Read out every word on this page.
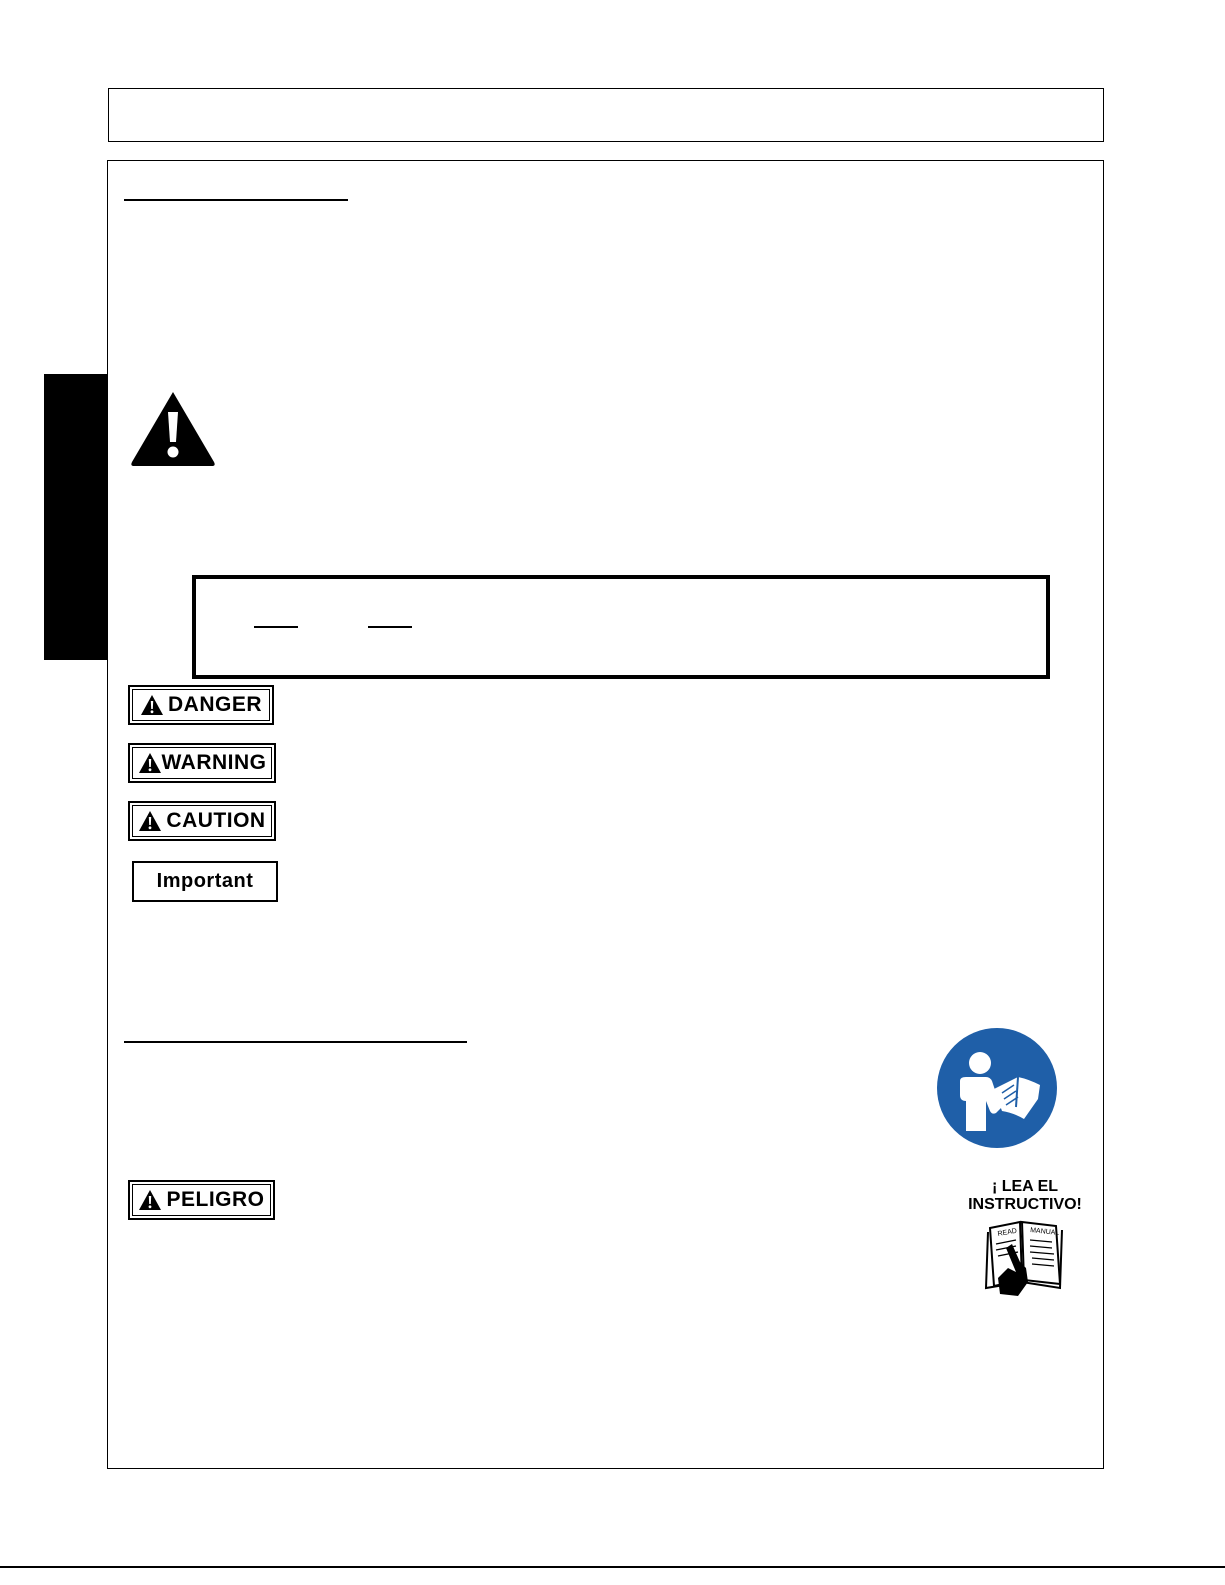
DANGER
WARNING
CAUTION
Important
PELIGRO
¡ LEA EL
INSTRUCTIVO!
READ MANUAL
